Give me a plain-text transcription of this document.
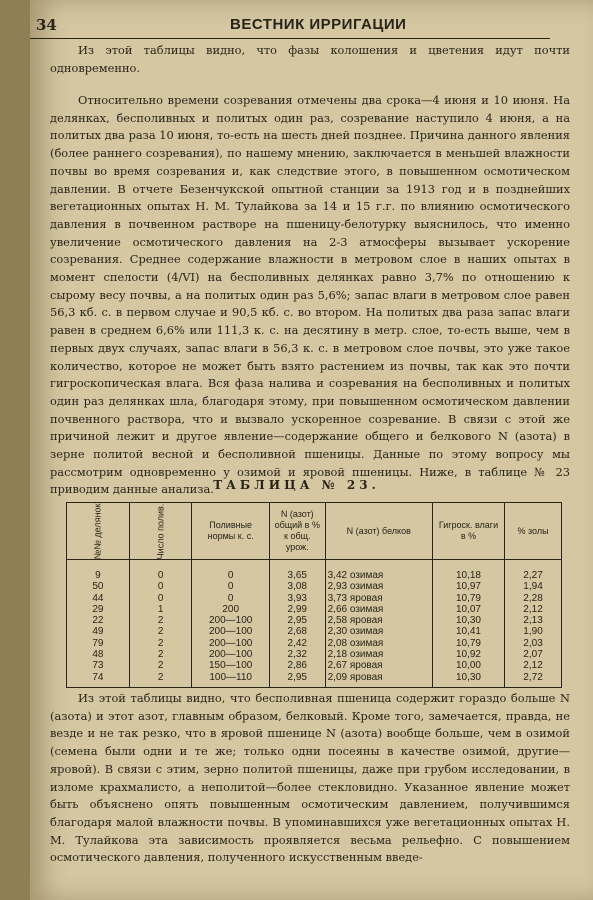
34	ВЕСТНИК ИРРИГАЦИИ

Из этой таблицы видно, что фазы колошения и цветения идут почти одновременно.

Относительно времени созревания отмечены два срока—4 июня и 10 июня. На делянках, бесполивных и политых один раз, созревание наступило 4 июня, а на политых два раза 10 июня, то-есть на шесть дней позднее. Причина данного явления (более раннего созревания), по нашему мнению, заключается в меньшей влажности почвы во время созревания и, как следствие этого, в повышенном осмотическом давлении. В отчете Безенчукской опытной станции за 1913 год и в позднейших вегетационных опытах Н. М. Тулайкова за 14 и 15 г.г. по влиянию осмотического давления в почвенном растворе на пшеницу-белотурку выяснилось, что именно увеличение осмотического давления на 2-3 атмосферы вызывает ускорение созревания. Среднее содержание влажности в метровом слое в наших опытах в момент спелости (4/VI) на бесполивных делянках равно 3,7% по отношению к сырому весу почвы, а на политых один раз 5,6%; запас влаги в метровом слое равен 56,3 кб. с. в первом случае и 90,5 кб. с. во втором. На политых два раза запас влаги равен в среднем 6,6% или 111,3 к. с. на десятину в метр. слое, то-есть выше, чем в первых двух случаях, запас влаги в 56,3 к. с. в метровом слое почвы, это уже такое количество, которое не может быть взято растением из почвы, так как это почти гигроскопическая влага. Вся фаза налива и созревания на бесполивных и политых один раз делянках шла, благодаря этому, при повышенном осмотическом давлении почвенного раствора, что и вызвало ускоренное созревание. В связи с этой же причиной лежит и другое явление—содержание общего и белкового N (азота) в зерне политой весной и бесполивной пшеницы. Данные по этому вопросу мы рассмотрим одновременно у озимой и яровой пшеницы. Ниже, в таблице № 23 приводим данные анализа. ТАБЛИЦА № 23.
№№ делянок	Число полив.	Поливные нормы к. с.	N (азот) общий в % к общ. урож.	N (азот) белков	Гигроск. влаги в %	% золы
9	0	0	3,65	3,42 озимая	10,18	2,27
50	0	0	3,08	2,93 озимая	10,97	1,94
44	0	0	3,93	3,73 яровая	10,79	2,28
29	1	200	2,99	2,66 озимая	10,07	2,12
22	2	200—100	2,95	2,58 яровая	10,30	2,13
49	2	200—100	2,68	2,30 озимая	10,41	1,90
79	2	200—100	2,42	2,08 озимая	10,79	2,03
48	2	200—100	2,32	2,18 озимая	10,92	2,07
73	2	150—100	2,86	2,67 яровая	10,00	2,12
74	2	100—110	2,95	2,09 яровая	10,30	2,72

Из этой таблицы видно, что бесполивная пшеница содержит гораздо больше N (азота) и этот азот, главным образом, белковый. Кроме того, замечается, правда, не везде и не так резко, что в яровой пшенице N (азота) вообще больше, чем в озимой (семена были одни и те же; только одни посеяны в качестве озимой, другие—яровой). В связи с этим, зерно политой пшеницы, даже при грубом исследовании, в изломе крахмалисто, а неполитой—более стекловидно. Указанное явление может быть объяснено опять повышенным осмотическим давлением, получившимся благодаря малой влажности почвы. В упоминавшихся уже вегетационных опытах Н. М. Тулайкова эта зависимость проявляется весьма рельефно. С повышением осмотического давления, полученного искусственным введе-
